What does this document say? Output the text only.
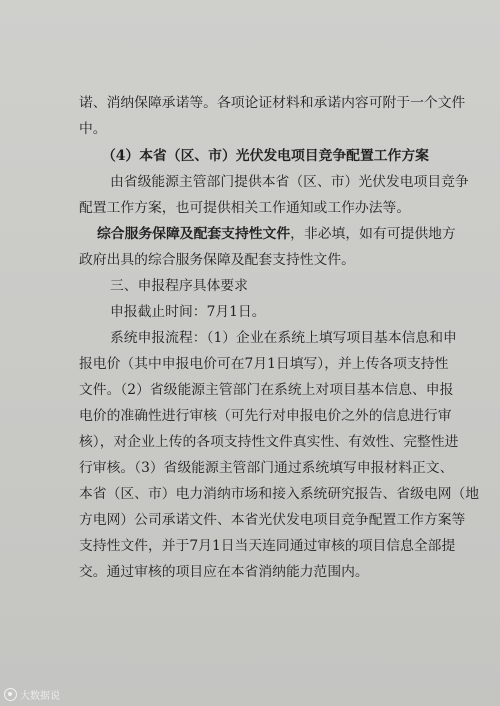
诺、消纳保障承诺等。各项论证材料和承诺内容可附于一个文件
中。
（4）本省（区、市）光伏发电项目竞争配置工作方案
由省级能源主管部门提供本省（区、市）光伏发电项目竞争
配置工作方案，也可提供相关工作通知或工作办法等。
综合服务保障及配套支持性文件，非必填，如有可提供地方
政府出具的综合服务保障及配套支持性文件。
三、申报程序具体要求
申报截止时间：7月1日。
系统申报流程：（1）企业在系统上填写项目基本信息和申
报电价（其中申报电价可在7月1日填写），并上传各项支持性
文件。（2）省级能源主管部门在系统上对项目基本信息、申报
电价的准确性进行审核（可先行对申报电价之外的信息进行审
核），对企业上传的各项支持性文件真实性、有效性、完整性进
行审核。（3）省级能源主管部门通过系统填写申报材料正文、
本省（区、市）电力消纳市场和接入系统研究报告、省级电网（地
方电网）公司承诺文件、本省光伏发电项目竞争配置工作方案等
支持性文件，并于7月1日当天连同通过审核的项目信息全部提
交。通过审核的项目应在本省消纳能力范围内。
大数据说
